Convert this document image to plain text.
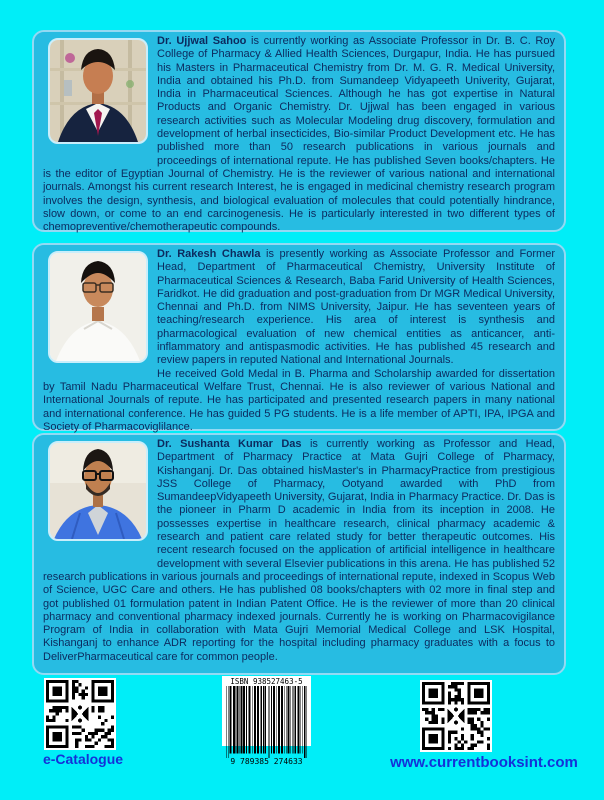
Dr. Ujjwal Sahoo is currently working as Associate Professor in Dr. B. C. Roy College of Pharmacy & Allied Health Sciences, Durgapur, India. He has pursued his Masters in Pharmaceutical Chemistry from Dr. M. G. R. Medical University, India and obtained his Ph.D. from Sumandeep Vidyapeeth Univerity, Gujarat, India in Pharmaceutical Sciences. Although he has got expertise in Natural Products and Organic Chemistry. Dr. Ujjwal has been engaged in various research activities such as Molecular Modeling drug discovery, formulation and development of herbal insecticides, Bio-similar Product Development etc. He has published more than 50 research publications in various journals and proceedings of international repute. He has published Seven books/chapters. He is the editor of Egyptian Journal of Chemistry. He is the reviewer of various national and international journals. Amongst his current research Interest, he is engaged in medicinal chemistry research program involves the design, synthesis, and biological evaluation of molecules that could potentially hindrance, slow down, or come to an end carcinogenesis. He is particularly interested in two different types of chemopreventive/chemotherapeutic compounds.

Dr. Rakesh Chawla is presently working as Associate Professor and Former Head, Department of Pharmaceutical Chemistry, University Institute of Pharmaceutical Sciences & Research, Baba Farid University of Health Sciences, Faridkot. He did graduation and post-graduation from Dr MGR Medical University, Chennai and Ph.D. from NIMS University, Jaipur. He has seventeen years of teaching/research experience. His area of interest is synthesis and pharmacological evaluation of new chemical entities as anticancer, anti-inflammatory and antispasmodic activities. He has published 45 research and review papers in reputed National and International Journals.

He received Gold Medal in B. Pharma and Scholarship awarded for dissertation by Tamil Nadu Pharmaceutical Welfare Trust, Chennai. He is also reviewer of various National and International Journals of repute. He has participated and presented research papers in many national and international conference. He has guided 5 PG students. He is a life member of APTI, IPA, IPGA and Society of Pharmacoviglilance.

Dr. Sushanta Kumar Das is currently working as Professor and Head, Department of Pharmacy Practice at Mata Gujri College of Pharmacy, Kishanganj. Dr. Das obtained hisMaster's in PharmacyPractice from prestigious JSS College of Pharmacy, Ootyand awarded with PhD from SumandeepVidyapeeth University, Gujarat, India in Pharmacy Practice. Dr. Das is the pioneer in Pharm D academic in India from its inception in 2008. He possesses expertise in healthcare research, clinical pharmacy academic & research and patient care related study for better therapeutic outcomes. His recent research focused on the application of artificial intelligence in healthcare development with several Elsevier publications in this arena. He has published 52 research publications in various journals and proceedings of international repute, indexed in Scopus Web of Science, UGC Care and others. He has published 08 books/chapters with 02 more in final step and got published 01 formulation patent in Indian Patent Office. He is the reviewer of more than 20 clinical pharmacy and conventional pharmacy indexed journals. Currently he is working on Pharmacovigilance Program of India in collaboration with Mata Gujri Memorial Medical College and LSK Hospital, Kishanganj to enhance ADR reporting for the hospital including pharmacy graduates with a focus to DeliverPharmaceutical care for common people.

e-Catalogue
ISBN 938527463-5
9 789385 274633	www.currentbooksint.com
